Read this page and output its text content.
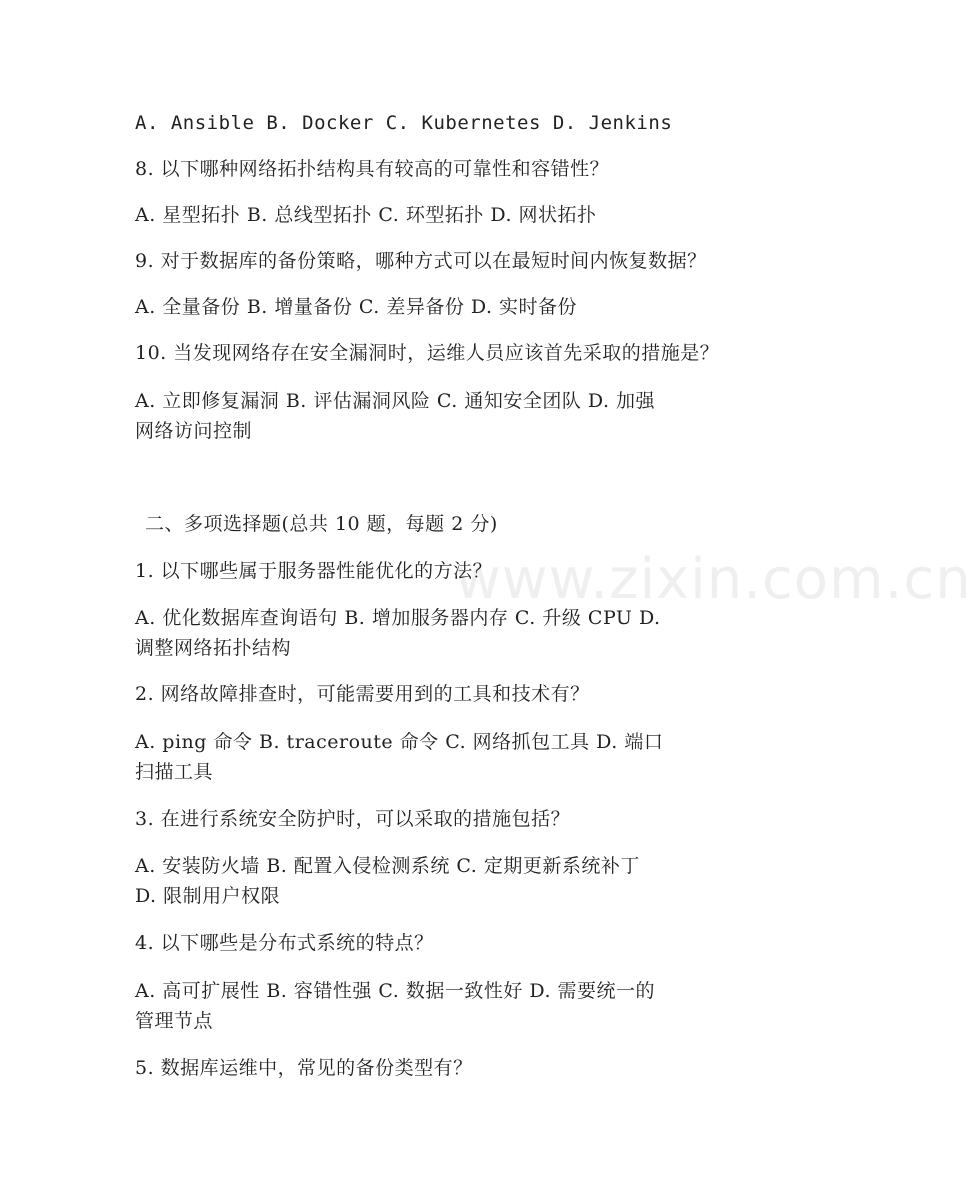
www.zixin.com.cn
A. Ansible B. Docker C. Kubernetes D. Jenkins
8. 以下哪种网络拓扑结构具有较高的可靠性和容错性？
A. 星型拓扑 B. 总线型拓扑 C. 环型拓扑 D. 网状拓扑
9. 对于数据库的备份策略，哪种方式可以在最短时间内恢复数据？
A. 全量备份 B. 增量备份 C. 差异备份 D. 实时备份
10. 当发现网络存在安全漏洞时，运维人员应该首先采取的措施是？
A. 立即修复漏洞 B. 评估漏洞风险 C. 通知安全团队 D. 加强
网络访问控制
二、多项选择题(总共 10 题，每题 2 分)
1. 以下哪些属于服务器性能优化的方法？
A. 优化数据库查询语句 B. 增加服务器内存 C. 升级 CPU D.
调整网络拓扑结构
2. 网络故障排查时，可能需要用到的工具和技术有？
A. ping 命令 B. traceroute 命令 C. 网络抓包工具 D. 端口
扫描工具
3. 在进行系统安全防护时，可以采取的措施包括？
A. 安装防火墙 B. 配置入侵检测系统 C. 定期更新系统补丁
D. 限制用户权限
4. 以下哪些是分布式系统的特点？
A. 高可扩展性 B. 容错性强 C. 数据一致性好 D. 需要统一的
管理节点
5. 数据库运维中，常见的备份类型有？
